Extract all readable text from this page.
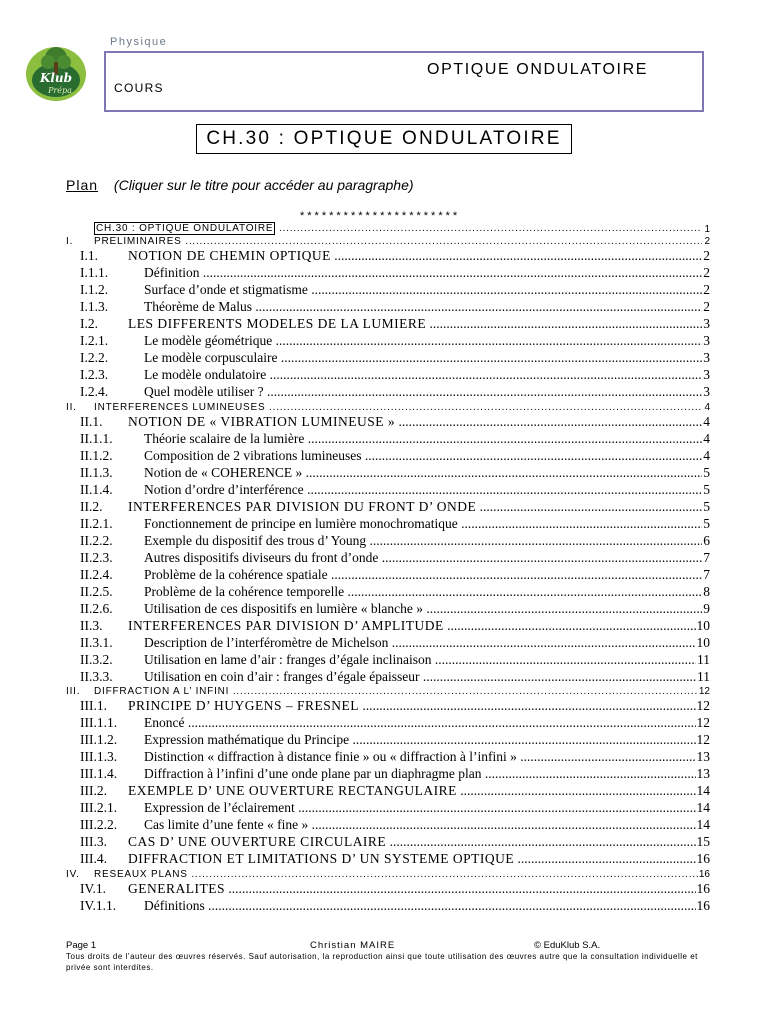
Physique
Klub
Prépa
OPTIQUE ONDULATOIRE
COURS
CH.30 : OPTIQUE ONDULATOIRE
Plan (Cliquer sur le titre pour accéder au paragraphe)
**********************
CH.30 : OPTIQUE ONDULATOIRE .....	1
I. PRELIMINAIRES .....	2
I.1. NOTION DE CHEMIN OPTIQUE .....	2
I.1.1.	Définition .....	2
I.1.2.	Surface d’onde et stigmatisme .....	2
I.1.3.	Théorème de Malus .....	2
I.2. LES DIFFERENTS MODELES DE LA LUMIERE .....	3
I.2.1.	Le modèle géométrique .....	3
I.2.2.	Le modèle corpusculaire .....	3
I.2.3.	Le modèle ondulatoire .....	3
I.2.4.	Quel modèle utiliser ? .....	3
II. INTERFERENCES LUMINEUSES .....	4
II.1. NOTION DE « VIBRATION LUMINEUSE » .....	4
II.1.1. Théorie scalaire de la lumière .....	4
II.1.2. Composition de 2 vibrations lumineuses .....	4
II.1.3. Notion de « COHERENCE » .....	5
II.1.4. Notion d’ordre d’interférence .....	5
II.2. INTERFERENCES PAR DIVISION DU FRONT D’ ONDE .....	5
II.2.1. Fonctionnement de principe en lumière monochromatique .....	5
II.2.2. Exemple du dispositif des trous d’ Young .....	6
II.2.3. Autres dispositifs diviseurs du front d’onde .....	7
II.2.4. Problème de la cohérence spatiale .....	7
II.2.5. Problème de la cohérence temporelle .....	8
II.2.6. Utilisation de ces dispositifs en lumière « blanche » .....	9
II.3. INTERFERENCES PAR DIVISION D’ AMPLITUDE .....	10
II.3.1. Description de l’interféromètre de Michelson .....	10
II.3.2. Utilisation en lame d’air : franges d’égale inclinaison .....	11
II.3.3. Utilisation en coin d’air : franges d’égale épaisseur .....	11
III. DIFFRACTION A L’ INFINI .....	12
III.1. PRINCIPE D’ HUYGENS – FRESNEL .....	12
III.1.1. Enoncé .....	12
III.1.2. Expression mathématique du Principe .....	12
III.1.3. Distinction « diffraction à distance finie » ou « diffraction à l’infini » .....	13
III.1.4. Diffraction à l’infini d’une onde plane par un diaphragme plan .....	13
III.2. EXEMPLE D’ UNE OUVERTURE RECTANGULAIRE .....	14
III.2.1. Expression de l’éclairement .....	14
III.2.2. Cas limite d’une fente « fine » .....	14
III.3. CAS D’ UNE OUVERTURE CIRCULAIRE .....	15
III.4. DIFFRACTION ET LIMITATIONS D’ UN SYSTEME OPTIQUE .....	16
IV. RESEAUX PLANS .....	16
IV.1. GENERALITES .....	16
IV.1.1. Définitions .....	16
Page 1	Christian MAIRE	© EduKlub S.A.
Tous droits de l’auteur des œuvres réservés. Sauf autorisation, la reproduction ainsi que toute utilisation des œuvres autre que la consultation individuelle et privée sont interdites.
